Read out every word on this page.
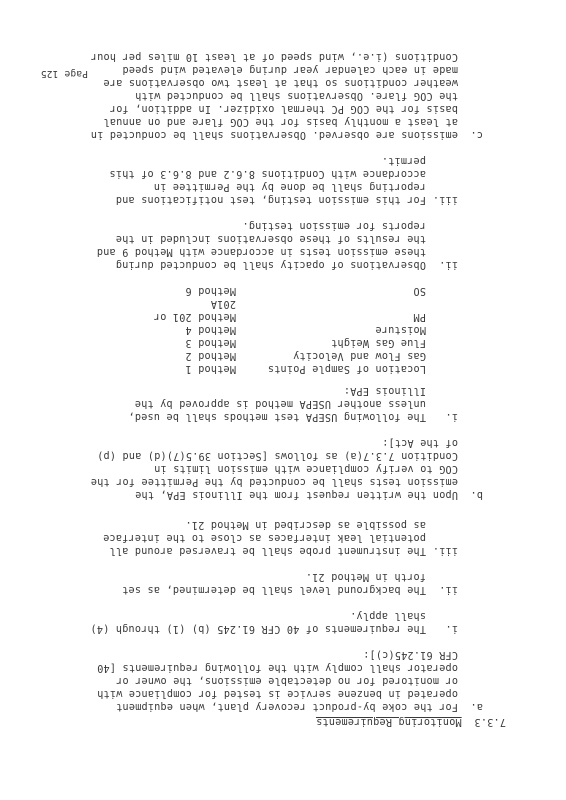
7.3.3  Monitoring Requirements
a.
For the coke by-product recovery plant, when equipment
operated in benzene service is tested for compliance with
or monitored for no detectable emissions, the owner or
operator shall comply with the following requirements [40
CFR 61.245(c)]:
i.
The requirements of 40 CFR 61.245 (b) (1) through (4)
shall apply.
ii.
The background level shall be determined, as set
forth in Method 21.
iii.
The instrument probe shall be traversed around all
potential leak interfaces as close to the interface
as possible as described in Method 21.
b.
Upon the written request from the Illinois EPA, the
emission tests shall be conducted by the Permittee for the
COG to verify compliance with emission limits in
Condition 7.3.7(a) as follows [Section 39.5(7)(d) and (p)
of the Act]:
i.
The following USEPA test methods shall be used,
unless another USEPA method is approved by the
Illinois EPA:
Location of Sample Points
Method 1
Gas Flow and Velocity
Method 2
Flue Gas Weight
Method 3
Moisture
Method 4
PM
Method 201 or
201A
SO
Method 6
ii.
Observations of opacity shall be conducted during
these emission tests in accordance with Method 9 and
the results of these observations included in the
reports for emission testing.
iii.
For this emission testing, test notifications and
reporting shall be done by the Permittee in
accordance with Conditions 8.6.2 and 8.6.3 of this
permit.
c.
emissions are observed. Observations shall be conducted in
at least a monthly basis for the COG flare and on annual
basis for the COG PC thermal oxidizer. In addition, for
the COG flare. Observations shall be conducted with
weather conditions so that at least two observations are
made in each calendar year during elevated wind speed
Conditions (i.e., wind speed of at least 10 miles per hour
Page 125
